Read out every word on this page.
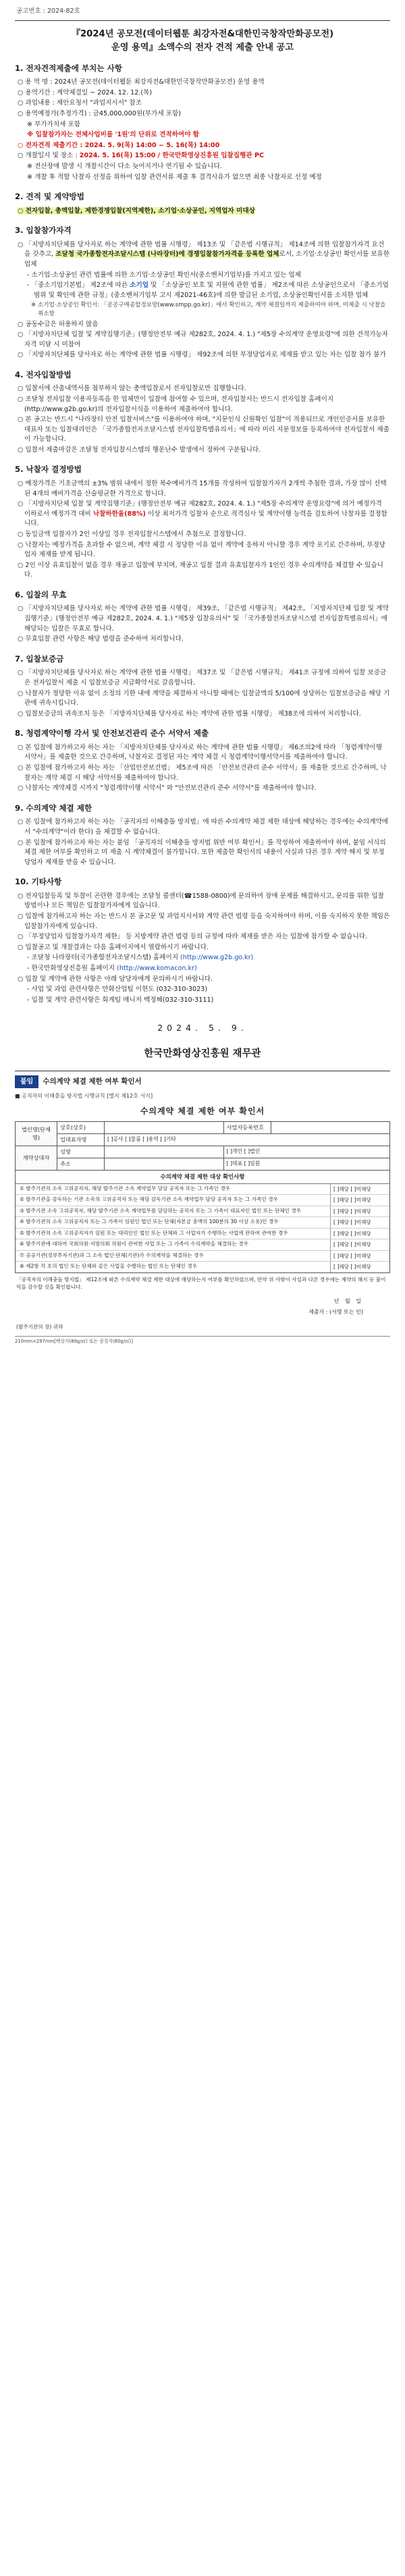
공고번호 : 2024-82호
『2024년 공모전(데이터웹툰 최강자전&대한민국창작만화공모전)
운영 용역』소액수의 전자 견적 제출 안내 공고
1. 전자견적제출에 부치는 사항
○ 용 역 명 : 2024년 공모전(데이터웹툰 최강자전&대한민국창작만화공모전) 운영 용역
○ 용역기간 : 계약체결일 ~ 2024. 12. 12.(목)
○ 과업내용 : 제안요청서 "과업지시서" 참조
○ 용역예정가(추정가격) : 금45,000,000원(부가세 포함)
※ 부가가치세 포함
※ 입찰참가자는 전체사업비를 '1원'의 단위로 견적하여야 함
○ 전자견적 제출기간 : 2024. 5. 9(목) 14:00 ~ 5. 16(목) 14:00
○ 개찰일시 및 장소 : 2024. 5. 16(목) 15:00 / 한국만화영상진흥원 입찰집행관 PC
※ 전산장애 발생 시 개찰시간이 다소 늦어지거나 연기될 수 있습니다.
※ 개찰 후 적합 낙찰자 선정을 위하여 입찰 관련서류 제출 후 결격사유가 없으면 최종 낙찰자로 선정 예정
2. 견적 및 계약방법
○ 전자입찰, 총액입찰, 제한경쟁입찰(지역제한), 소기업·소상공인, 지역업자 미대상
3. 입찰참가자격
○ 「지방자치단체를 당사자로 하는 계약에 관한 법률 시행령」 제13조 및 「같은법 시행규칙」 제14조에 의한 입찰참가자격 요건을 갖추고, 조달청 국가종합전자조달시스템 (나라장터)에 경쟁입찰참가자격을 등록한 업체로서, 소기업·소상공인 확인서를 보유한 업체
- 소기업·소상공인 관련 법률에 의한 소기업·소상공인 확인서(중소벤처기업부)를 가지고 있는 업체
- 「중소기업기본법」 제2조에 따른 소기업 및 「소상공인 보호 및 지원에 관한 법률」 제2조에 따른 소상공인으로서 「중소기업 범위 및 확인에 관한 규정」(중소벤처기업부 고시 제2021-46호)에 의한 발급된 소기업, 소상공인확인서를 소지한 업체
※ 소기업·소상공인 확인서: 「공공구매종합정보망(www.smpp.go.kr)」에서 확인하고, 계약 체결일까지 제출하여야 하며, 미제출 시 낙찰을 취소함
○ 공동수급은 허용하지 않음
○ 「지방자치단체 입찰 및 계약집행기준」(행정안전부 예규 제282호, 2024. 4. 1.) "제5장 수의계약 운영요령"에 의한 견적가능자 자격 미달 시 미참여
○ 「지방자치단체를 당사자로 하는 계약에 관한 법률 시행령」 제92조에 의한 부정당업자로 제재를 받고 있는 자는 입찰 참가 불가
4. 전자입찰방법
○ 입찰서에 산출내역서를 첨부하지 않는 총액입찰로서 전자입찰로만 집행합니다.
○ 조달청 전자입찰 이용자등록을 한 업체만이 입찰에 참여할 수 있으며, 전자입찰서는 반드시 전자입찰 홈페이지(http://www.g2b.go.kr)의 전자입찰서식을 이용하여 제출하여야 합니다.
○ 본 공고는 반드시 "나라장터 안전 입찰서비스"를 이용하여야 하며, "지문인식 신원확인 입찰"이 적용되므로 개인인증서를 보유한 대표자 또는 입찰대리인은 「국가종합전자조달시스템 전자입찰특별유의서」에 따라 미리 지문정보를 등록하여야 전자입찰서 제출이 가능합니다.
○ 입찰서 제출마감은 조달청 전자입찰시스템의 행운난수 발생에서 정하여 구분됩니다.
5. 낙찰자 결정방법
○ 예정가격은 기초금액의 ±3% 범위 내에서 정한 복수예비가격 15개를 작성하여 입찰참가자가 2개씩 추첨한 결과, 가장 많이 선택된 4개의 예비가격을 산술평균한 가격으로 합니다.
○ 「지방자치단체 입찰 및 계약집행기준」(행정안전부 예규 제282호, 2024. 4. 1.) "제5장 수의계약 운영요령"에 의거 예정가격 이하로서 예정가격 대비 낙찰하한율(88%) 이상 최저가격 입찰자 순으로 적격심사 및 계약이행 능력을 검토하여 낙찰자를 결정합니다.
○ 동일금액 입찰자가 2인 이상일 경우 전자입찰시스템에서 추첨으로 결정합니다.
○ 낙찰자는 예정가격을 초과할 수 없으며, 계약 체결 시 정당한 이유 없이 계약에 응하지 아니할 경우 계약 포기로 간주하며, 부정당업자 제재를 받게 됩니다.
○ 2인 이상 유효입찰이 없을 경우 재공고 입찰에 부치며, 재공고 입찰 결과 유효입찰자가 1인인 경우 수의계약을 체결할 수 있습니다.
6. 입찰의 무효
○ 「지방자치단체를 당사자로 하는 계약에 관한 법률 시행령」 제39조, 「같은법 시행규칙」 제42조, 「지방자치단체 입찰 및 계약집행기준」(행정안전부 예규 제282호, 2024. 4. 1.) "제5장 입찰유의서" 및 「국가종합전자조달시스템 전자입찰특별유의서」에 해당되는 입찰은 무효로 합니다.
○ 무효입찰 관련 사항은 해당 법령을 준수하여 처리합니다.
7. 입찰보증금
○ 「지방자치단체를 당사자로 하는 계약에 관한 법률 시행령」 제37조 및 「같은법 시행규칙」 제41조 규정에 의하여 입찰 보증금은 전자입찰서 제출 시 입찰보증금 지급확약서로 갈음합니다.
○ 낙찰자가 정당한 이유 없이 소정의 기한 내에 계약을 체결하지 아니할 때에는 입찰금액의 5/100에 상당하는 입찰보증금을 해당 기관에 귀속시킵니다.
○ 입찰보증금의 귀속조치 등은 「지방자치단체를 당사자로 하는 계약에 관한 법률 시행령」 제38조에 의하여 처리합니다.
8. 청렴계약이행 각서 및 안전보건관리 준수 서약서 제출
○ 본 입찰에 참가하고자 하는 자는 「지방자치단체를 당사자로 하는 계약에 관한 법률 시행령」 제6조의2에 따라 「청렴계약이행 서약서」를 제출한 것으로 간주하며, 낙찰자로 결정된 자는 계약 체결 시 청렴계약이행서약서를 제출하여야 합니다.
○ 본 입찰에 참가하고자 하는 자는 「산업안전보건법」 제5조에 따른 「안전보건관리 준수 서약서」를 제출한 것으로 간주하며, 낙찰자는 계약 체결 시 해당 서약서를 제출하여야 합니다.
○ 낙찰자는 계약체결 시까지 "청렴계약이행 서약서" 와 "안전보건관리 준수 서약서"를 제출하여야 합니다.
9. 수의계약 체결 제한
○ 본 입찰에 참가하고자 하는 자는 「공직자의 이해충돌 방지법」에 따른 수의계약 체결 제한 대상에 해당하는 경우에는 수의계약에서 "수의계약"이라 한다) 을 체결할 수 없습니다.
○ 본 입찰에 참가하고자 하는 자는 붙임 「공직자의 이해충돌 방지법 위반 여부 확인서」를 작성하여 제출하여야 하며, 붙임 서식의 체결 제한 여부를 확인하고 미 제출 시 계약체결이 불가합니다. 또한 제출한 확인서의 내용이 사실과 다른 경우 계약 해지 및 부정당업자 제재를 받을 수 있습니다.
10. 기타사항
○ 전자입찰등록 및 투찰이 곤란한 경우에는 조달청 콜센터(☎1588-0800)에 문의하여 장애 문제를 해결하시고, 문의를 위한 입찰 방법이나 모든 책임은 입찰참가자에게 있습니다.
○ 입찰에 참가하고자 하는 자는 반드시 본 공고문 및 과업지시서와 계약 관련 법령 등을 숙지하여야 하며, 이를 숙지하지 못한 책임은 입찰참가자에게 있습니다.
○ 「부정당업자 입찰참가자격 제한」 등 지방계약 관련 법령 등의 규정에 따라 제재를 받은 자는 입찰에 참가할 수 없습니다.
○ 입찰공고 및 개찰결과는 다음 홈페이지에서 열람하시기 바랍니다.
- 조달청 나라장터(국가종합전자조달시스템) 홈페이지 (http://www.g2b.go.kr)
- 한국만화영상진흥원 홈페이지 (http://www.komacon.kr)
○ 입찰 및 계약에 관한 사항은 아래 담당자에게 문의하시기 바랍니다.
- 사업 및 과업 관련사항은 만화산업팀 이현도 (032-310-3023)
- 입찰 및 계약 관련사항은 회계팀 매니저 백정혜(032-310-3111)
2024. 5. 9.
한국만화영상진흥원 재무관
붙임	수의계약 체결 제한 여부 확인서
■ 공직자의 이해충돌 방지법 시행규칙 [별지 제12호 서식]
수의계약 체결 제한 여부 확인서
법인명(단체명)	상호(상호)		사업자등록번호	
	업대표자명	[ ]공사 [ ]물품 [ ]용역 [ ]기타		
계약상대자	성명		[ ]개인 [ ]법인	
	주소		[ ]대표 [ ]임원	
수의계약 체결 제한 대상 확인사항
① 발주기관의 소속 고위공직자, 해당 발주기관 소속 계약업무 담당 공직자 또는 그 가족인 경우	[ ]해당 [ ]미해당
② 발주기관을 감독하는 기관 소속의 고위공직자 또는 해당 감독기관 소속 계약업무 담당 공직자 또는 그 가족인 경우	[ ]해당 [ ]미해당
③ 발주기관 소속 고위공직자, 해당 발주기관 소속 계약업무를 담당하는 공직자 또는 그 가족이 대표자인 법인 또는 단체인 경우	[ ]해당 [ ]미해당
④ 발주기관의 소속 고위공직자 또는 그 가족이 임원인 법인 또는 단체(자본금 총액의 100분의 30 이상 소유)인 경우	[ ]해당 [ ]미해당
⑤ 발주기관의 소속 고위공직자가 임원 또는 대리인인 법인 또는 단체와 그 사업자가 수행하는 사업에 관하여 관여한 경우	[ ]해당 [ ]미해당
⑥ 발주기관에 대하여 국회의원·지방의회 의원이 관여한 사업 또는 그 가족이 수의계약을 체결하는 경우	[ ]해당 [ ]미해당
⑦ 공공기관(정부투자기관)과 그 소속 법인·단체(기관)가 수의계약을 체결하는 경우	[ ]해당 [ ]미해당
⑧ 제2항 각 호의 법인 또는 단체와 같은 사업을 수행하는 법인 또는 단체인 경우	[ ]해당 [ ]미해당
「공직자의 이해충돌 방지법」 제12조에 따른 수의계약 체결 제한 대상에 해당하는지 여부를 확인하였으며, 만약 위 사항이 사실과 다른 경우에는 계약의 해지 등 불이익을 감수할 것을 확인합니다.
년 월 일
제출자 : (서명 또는 인)
(발주기관의 장) 귀하
210mm×297mm[백상지(80g/㎡) 또는 중질지(80g/㎡)]
